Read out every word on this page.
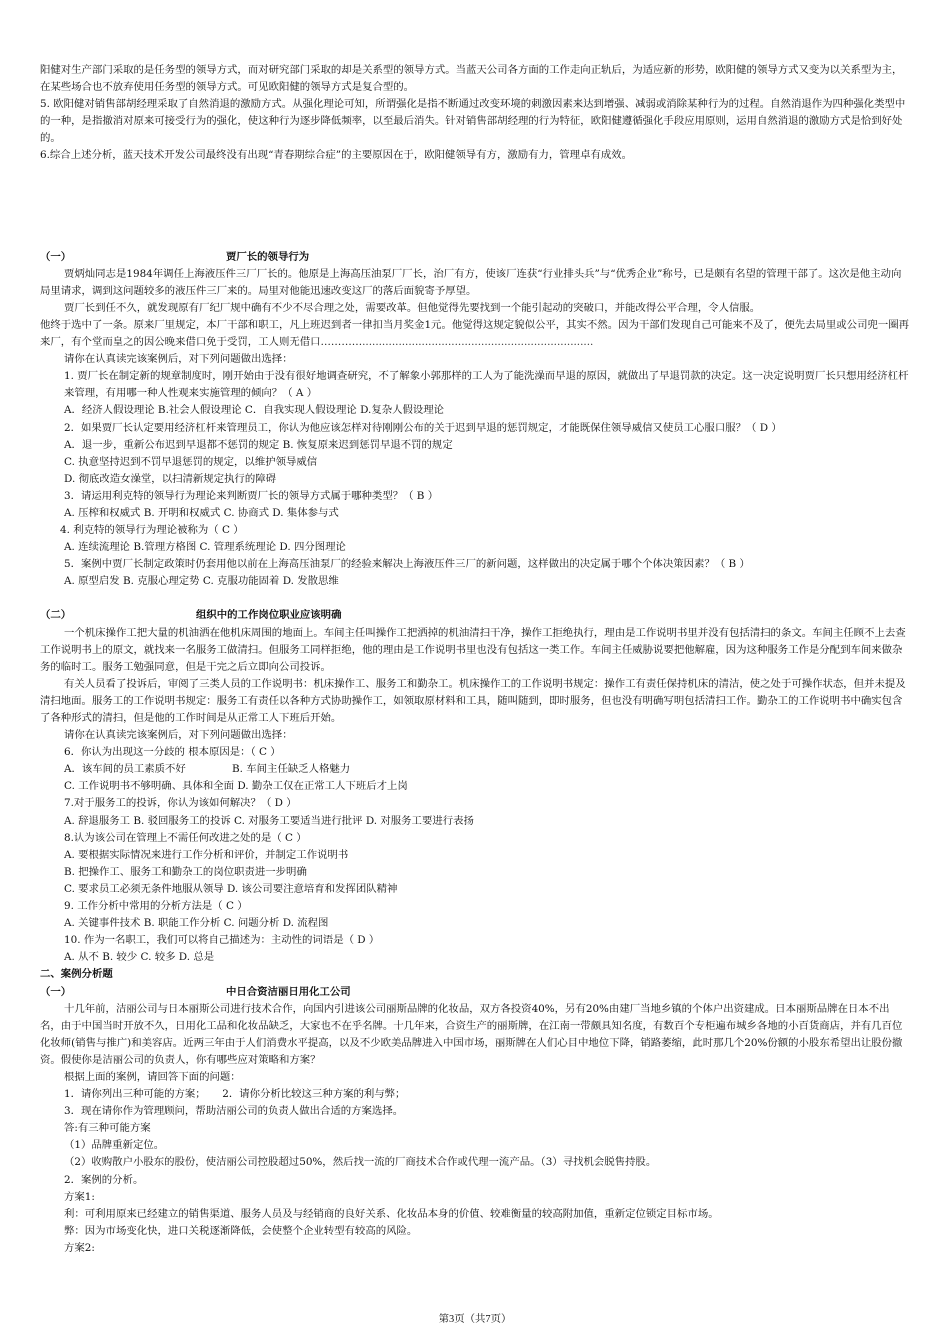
阳健对生产部门采取的是任务型的领导方式，而对研究部门采取的却是关系型的领导方式。当蓝天公司各方面的工作走向正轨后，为适应新的形势，欧阳健的领导方式又变为以关系型为主，在某些场合也不放弃使用任务型的领导方式。可见欧阳健的领导方式是复合型的。

5. 欧阳健对销售部胡经理采取了自然消退的激励方式。从强化理论可知，所谓强化是指不断通过改变环境的刺激因素来达到增强、减弱或消除某种行为的过程。自然消退作为四种强化类型中的一种，是指撤消对原来可接受行为的强化，使这种行为逐步降低频率，以至最后消失。针对销售部胡经理的行为特征，欧阳健遵循强化手段应用原则，运用自然消退的激励方式是恰到好处的。

6.综合上述分析，蓝天技术开发公司最终没有出现“青春期综合症”的主要原因在于，欧阳健领导有方，激励有力，管理卓有成效。

（一）	贾厂长的领导行为

贾炳灿同志是1984年调任上海液压件三厂厂长的。他原是上海高压油泵厂厂长，治厂有方，使该厂连获“行业排头兵”与“优秀企业”称号，已是颇有名望的管理干部了。这次是他主动向局里请求，调到这问题较多的液压件三厂来的。局里对他能迅速改变这厂的落后面貌寄予厚望。

贾厂长到任不久，就发现原有厂纪厂规中确有不少不尽合理之处，需要改革。但他觉得先要找到一个能引起动的突破口，并能改得公平合理，令人信服。

他终于选中了一条。原来厂里规定，本厂干部和职工，凡上班迟到者一律扣当月奖金1元。他觉得这规定貌似公平，其实不然。因为干部们发现自己可能来不及了，便先去局里或公司兜一圈再来厂，有个堂而皇之的因公晚来借口免于受罚，工人则无借口…………......................................................................

请你在认真读完该案例后，对下列问题做出选择：

1. 贾厂长在制定新的规章制度时，刚开始由于没有很好地调查研究，不了解象小郭那样的工人为了能洗澡而早退的原因，就做出了早退罚款的决定。这一决定说明贾厂长只想用经济杠杆来管理，有用哪一种人性观来实施管理的倾向？（ A ）

A．经济人假设理论 B.社会人假设理论 C．自我实现人假设理论 D.复杂人假设理论

2．如果贾厂长认定要用经济杠杆来管理员工，你认为他应该怎样对待刚刚公布的关于迟到早退的惩罚规定，才能既保住领导威信又使员工心服口服？（ D ）

A．退一步，重新公布迟到早退都不惩罚的规定 B. 恢复原来迟到惩罚早退不罚的规定

C. 执意坚持迟到不罚早退惩罚的规定，以维护领导威信

D. 彻底改造女澡堂，以扫清新规定执行的障碍

3．请运用利克特的领导行为理论来判断贾厂长的领导方式属于哪种类型？（ B ）

A. 压榨和权威式 B. 开明和权威式 C. 协商式 D. 集体参与式

4. 利克特的领导行为理论被称为（ C ）

A. 连续流理论 B.管理方格图 C. 管理系统理论 D. 四分图理论

5．案例中贾厂长制定政策时仍套用他以前在上海高压油泵厂的经验来解决上海液压件三厂的新问题，这样做出的决定属于哪个个体决策因素？（ B ）

A. 原型启发 B. 克服心理定势 C. 克服功能固着 D. 发散思维

（二）	组织中的工作岗位职业应该明确

一个机床操作工把大量的机油洒在他机床周围的地面上。车间主任叫操作工把洒掉的机油清扫干净，操作工拒绝执行，理由是工作说明书里并没有包括清扫的条文。车间主任顾不上去查工作说明书上的原文，就找来一名服务工做清扫。但服务工同样拒绝，他的理由是工作说明书里也没有包括这一类工作。车间主任威胁说要把他解雇，因为这种服务工作是分配到车间来做杂务的临时工。服务工勉强同意，但是干完之后立即向公司投诉。

有关人员看了投诉后，审阅了三类人员的工作说明书：机床操作工、服务工和勤杂工。机床操作工的工作说明书规定：操作工有责任保持机床的清洁，使之处于可操作状态，但并未提及清扫地面。服务工的工作说明书规定：服务工有责任以各种方式协助操作工，如领取原材料和工具，随叫随到，即时服务，但也没有明确写明包括清扫工作。勤杂工的工作说明书中确实包含了各种形式的清扫，但是他的工作时间是从正常工人下班后开始。

请你在认真读完该案例后，对下列问题做出选择：

6．你认为出现这一分歧的 根本原因是：（ C ）

A．该车间的员工素质不好              B. 车间主任缺乏人格魅力

C. 工作说明书不够明确、具体和全面 D. 勤杂工仅在正常工人下班后才上岗

7.对于服务工的投诉，你认为该如何解决？（ D ）

A. 辞退服务工 B. 驳回服务工的投诉 C. 对服务工要适当进行批评 D. 对服务工要进行表扬

8.认为该公司在管理上不需任何改进之处的是（ C ）

A. 要根据实际情况来进行工作分析和评价，并制定工作说明书

B. 把操作工、服务工和勤杂工的岗位职责进一步明确

C. 要求员工必须无条件地服从领导 D. 该公司要注意培育和发挥团队精神

9. 工作分析中常用的分析方法是（ C ）

A. 关键事件技术 B. 职能工作分析 C. 问题分析 D. 流程图

10. 作为一名职工，我们可以将自己描述为：主动性的词语是（ D ）

A. 从不 B. 较少 C. 较多 D. 总是

二、案例分析题

（一）	中日合资洁丽日用化工公司

十几年前，洁丽公司与日本丽斯公司进行技术合作，向国内引进该公司丽斯品牌的化妆品，双方各投资40%，另有20%由建厂当地乡镇的个体户出资建成。日本丽斯品牌在日本不出名，由于中国当时开放不久，日用化工品和化妆品缺乏，大家也不在乎名牌。十几年来，合资生产的丽斯牌，在江南一带颇具知名度，有数百个专柜遍布城乡各地的小百货商店，并有几百位化妆师(销售与推广)和美容店。近两三年由于人们消费水平提高，以及不少欧美品牌进入中国市场，丽斯牌在人们心目中地位下降，销路萎缩，此时那几个20%份额的小股东希望出让股份撤资。假使你是洁丽公司的负责人，你有哪些应对策略和方案？

根据上面的案例，请回答下面的问题：

1．请你列出三种可能的方案；     2．请你分析比较这三种方案的利与弊；

3．现在请你作为管理顾问，帮助洁丽公司的负责人做出合适的方案选择。

答:有三种可能方案

（1）品牌重新定位。

（2）收购散户小股东的股份，使洁丽公司控股超过50%，然后找一流的厂商技术合作或代理一流产品。（3）寻找机会脱售持股。

2．案例的分析。

方案1:

利：可利用原来已经建立的销售渠道、服务人员及与经销商的良好关系、化妆品本身的价值、较难衡量的较高附加值，重新定位锁定目标市场。

弊：因为市场变化快，进口关税逐渐降低，会使整个企业转型有较高的风险。

方案2:

第3页（共7页）
